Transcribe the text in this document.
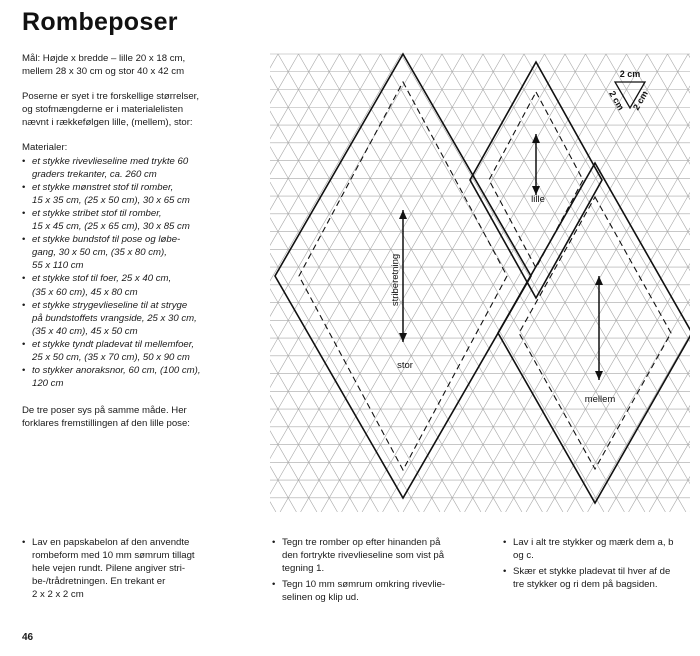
Rombeposer

Mål: Højde x bredde – lille 20 x 18 cm,
mellem 28 x 30 cm og stor 40 x 42 cm

Poserne er syet i tre forskellige størrelser,
og stofmængderne er i materialelisten
nævnt i rækkefølgen lille, (mellem), stor:

Materialer:
• et stykke rivevlieseline med trykte 60
graders trekanter, ca. 260 cm
• et stykke mønstret stof til romber,
15 x 35 cm, (25 x 50 cm), 30 x 65 cm
• et stykke stribet stof til romber,
15 x 45 cm, (25 x 65 cm), 30 x 85 cm
• et stykke bundstof til pose og løbe-
gang, 30 x 50 cm, (35 x 80 cm),
55 x 110 cm
• et stykke stof til foer, 25 x 40 cm,
(35 x 60 cm), 45 x 80 cm
• et stykke strygevlieseline til at stryge
på bundstoffets vrangside, 25 x 30 cm,
(35 x 40 cm), 45 x 50 cm
• et stykke tyndt pladevat til mellemfoer,
25 x 50 cm, (35 x 70 cm), 50 x 90 cm
• to stykker anoraksnor, 60 cm, (100 cm),
120 cm

De tre poser sys på samme måde. Her
forklares fremstillingen af den lille pose:

• Lav en papskabelon af den anvendte
rombeform med 10 mm sømrum tillagt
hele vejen rundt. Pilene angiver stri-
be-/trådretningen. En trekant er
2 x 2 x 2 cm
• Tegn tre romber op efter hinanden på
den fortrykte rivevlieseline som vist på
tegning 1.
• Tegn 10 mm sømrum omkring rivevlie-
selinen og klip ud.
• Lav i alt tre stykker og mærk dem a, b
og c.
• Skær et stykke pladevat til hver af de
tre stykker og ri dem på bagsiden.
46
2 cm
2 cm 2 cm
lille
stor
mellem
striberetning
